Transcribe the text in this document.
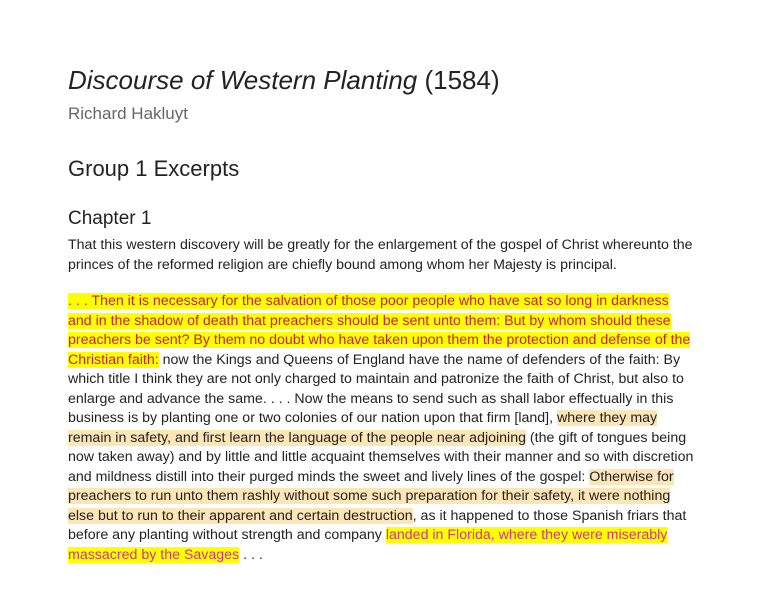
Discourse of Western Planting (1584)
Richard Hakluyt
Group 1 Excerpts
Chapter 1

That this western discovery will be greatly for the enlargement of the gospel of Christ whereunto the princes of the reformed religion are chiefly bound among whom her Majesty is principal.

. . . Then it is necessary for the salvation of those poor people who have sat so long in darkness and in the shadow of death that preachers should be sent unto them: But by whom should these preachers be sent? By them no doubt who have taken upon them the protection and defense of the Christian faith: now the Kings and Queens of England have the name of defenders of the faith: By which title I think they are not only charged to maintain and patronize the faith of Christ, but also to enlarge and advance the same. . . . Now the means to send such as shall labor effectually in this business is by planting one or two colonies of our nation upon that firm [land], where they may remain in safety, and first learn the language of the people near adjoining (the gift of tongues being now taken away) and by little and little acquaint themselves with their manner and so with discretion and mildness distill into their purged minds the sweet and lively lines of the gospel: Otherwise for preachers to run unto them rashly without some such preparation for their safety, it were nothing else but to run to their apparent and certain destruction, as it happened to those Spanish friars that before any planting without strength and company landed in Florida, where they were miserably massacred by the Savages . . .
